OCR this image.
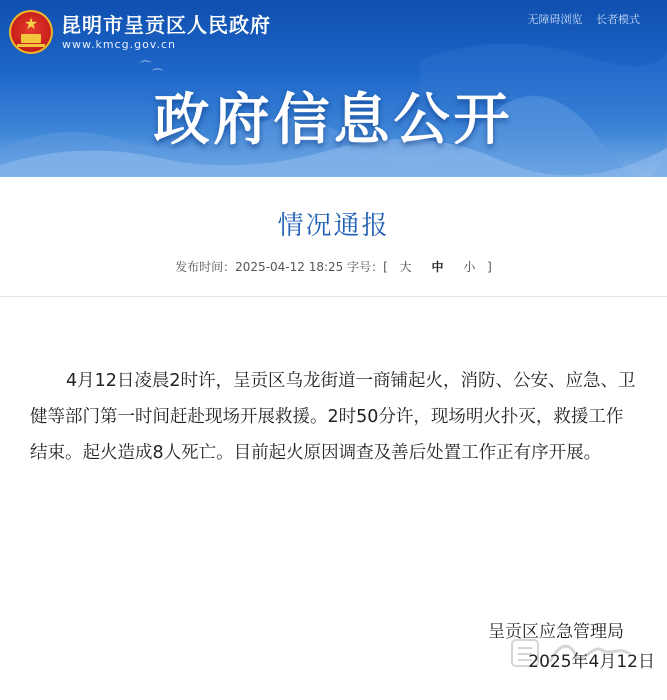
⌒
⌒
★	昆明市呈贡区人民政府
www.kmcg.gov.cn
无障碍浏览 长者模式
政府信息公开
情况通报
发布时间：2025-04-12 18:25 字号：[ 大 中 小 ]
4月12日凌晨2时许，呈贡区乌龙街道一商铺起火，消防、公安、应急、卫健等部门第一时间赶赴现场开展救援。2时50分许，现场明火扑灭，救援工作结束。起火造成8人死亡。目前起火原因调查及善后处置工作正有序开展。
呈贡区应急管理局
2025年4月12日
